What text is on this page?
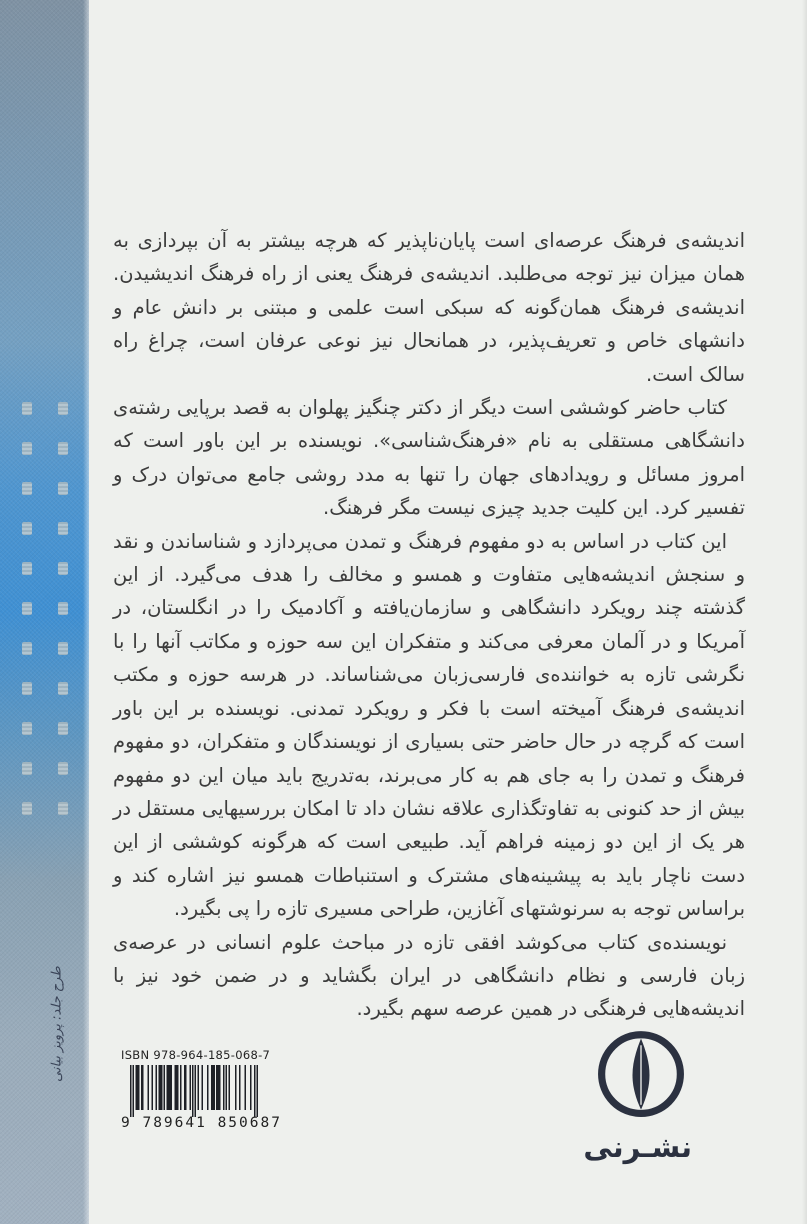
طرح جلد: پرویز بیانی

اندیشه‌ی فرهنگ عرصه‌ای است پایان‌ناپذیر که هرچه بیشتر به آن بپردازی به همان میزان نیز توجه می‌طلبد. اندیشه‌ی فرهنگ یعنی از راه فرهنگ اندیشیدن. اندیشه‌ی فرهنگ همان‌گونه که سبکی است علمی و مبتنی بر دانش عام و دانشهای خاص و تعریف‌پذیر، در همانحال نیز نوعی عرفان است، چراغ راه سالک است.

کتاب حاضر کوششی است دیگر از دکتر چنگیز پهلوان به قصد برپایی رشته‌ی دانشگاهی مستقلی به نام «فرهنگ‌شناسی». نویسنده بر این باور است که امروز مسائل و رویدادهای جهان را تنها به مدد روشی جامع می‌توان درک و تفسیر کرد. این کلیت جدید چیزی نیست مگر فرهنگ.

این کتاب در اساس به دو مفهوم فرهنگ و تمدن می‌پردازد و شناساندن و نقد و سنجش اندیشه‌هایی متفاوت و همسو و مخالف را هدف می‌گیرد. از این گذشته چند رویکرد دانشگاهی و سازمان‌یافته و آکادمیک را در انگلستان، در آمریکا و در آلمان معرفی می‌کند و متفکران این سه حوزه و مکاتب آنها را با نگرشی تازه به خواننده‌ی فارسی‌زبان می‌شناساند. در هرسه حوزه و مکتب اندیشه‌ی فرهنگ آمیخته است با فکر و رویکرد تمدنی. نویسنده بر این باور است که گرچه در حال حاضر حتی بسیاری از نویسندگان و متفکران، دو مفهوم فرهنگ و تمدن را به جای هم به کار می‌برند، به‌تدریج باید میان این دو مفهوم بیش از حد کنونی به تفاوتگذاری علاقه نشان داد تا امکان بررسیهایی مستقل در هر یک از این دو زمینه فراهم آید. طبیعی است که هرگونه کوششی از این دست ناچار باید به پیشینه‌های مشترک و استنباطات همسو نیز اشاره کند و براساس توجه به سرنوشتهای آغازین، طراحی مسیری تازه را پی بگیرد.

نویسنده‌ی کتاب می‌کوشد افقی تازه در مباحث علوم انسانی در عرصه‌ی زبان فارسی و نظام دانشگاهی در ایران بگشاید و در ضمن خود نیز با اندیشه‌هایی فرهنگی در همین عرصه سهم بگیرد.

ISBN 978-964-185-068-7
9 789641 850687
نشـرنی
